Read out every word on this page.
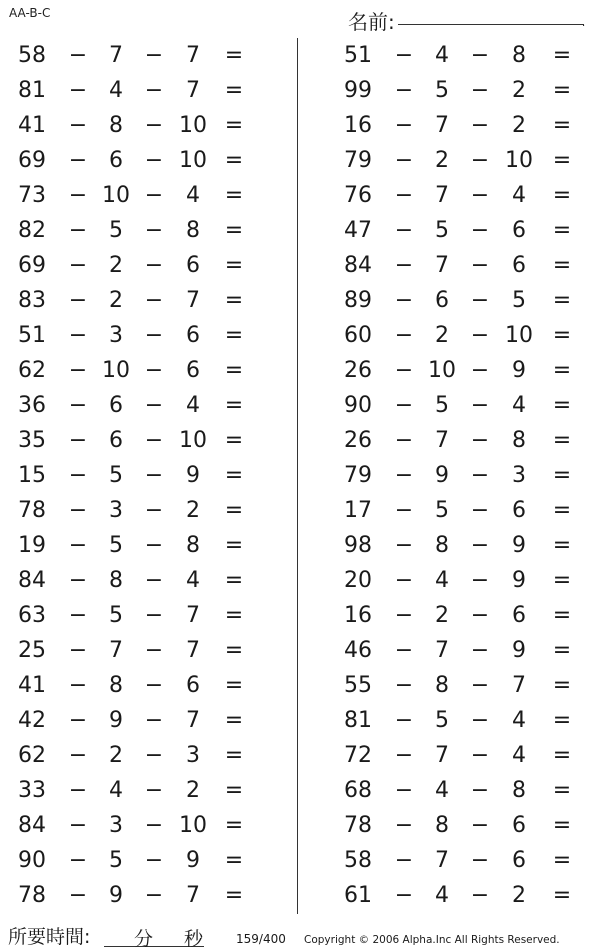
AA-B-C	名前:	.
58	− 7 −	7	=
81	− 4 −	7	=
41	− 8 − 10 =
69	− 6 − 10 =
73	− 10 −	4	=
82	− 5 −	8	=
69	− 2 −	6	=
83	− 2 −	7	=
51	− 3 −	6	=
62	− 10 −	6	=
36	− 6 −	4	=
35	− 6 − 10 =
15	− 5 −	9	=
78	− 3 −	2	=
19	− 5 −	8	=
84	− 8 −	4	=
63	− 5 −	7	=
25	− 7 −	7	=
41	− 8 −	6	=
42	− 9 −	7	=
62	− 2 −	3	=
33	− 4 −	2	=
84	− 3 − 10 =
90	− 5 −	9	=
78	− 9 −	7	=
51	− 4 −	8	=
99	− 5 −	2	=
16	− 7 −	2	=
79	− 2 − 10 =
76	− 7 −	4	=
47	− 5 −	6	=
84	− 7 −	6	=
89	− 6 −	5	=
60	− 2 − 10 =
26	− 10 −	9	=
90	− 5 −	4	=
26	− 7 −	8	=
79	− 9 −	3	=
17	− 5 −	6	=
98	− 8 −	9	=
20	− 4 −	9	=
16	− 2 −	6	=
46	− 7 −	9	=
55	− 8 −	7	=
81	− 5 −	4	=
72	− 7 −	4	=
68	− 4 −	8	=
78	− 8 −	6	=
58	− 7 −	6	=
61	− 4 −	2	=
所要時間: 分 秒	159/400 Copyright © 2006 Alpha.Inc All Rights Reserved.
